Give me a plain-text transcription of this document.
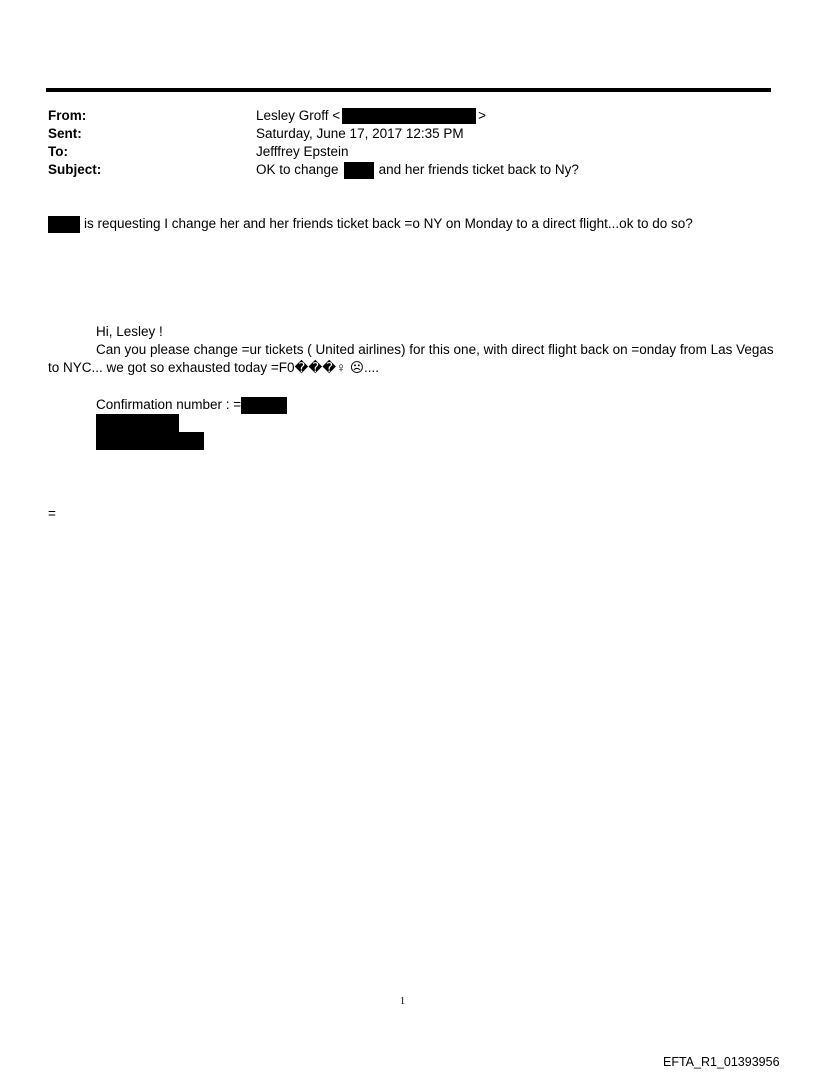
From:	Lesley Groff <	>
Sent:	Saturday, June 17, 2017 12:35 PM
To:	Jefffrey Epstein
Subject:	OK to change	and her friends ticket back to Ny?
is requesting I change her and her friends ticket back =o NY on Monday to a direct flight...ok to do so?
Hi, Lesley !
Can you please change =ur tickets ( United airlines) for this one, with direct flight back on =onday from Las Vegas
to NYC... we got so exhausted today =F0���♀ ☹....
Confirmation number : =
=
1
EFTA_R1_01393956
